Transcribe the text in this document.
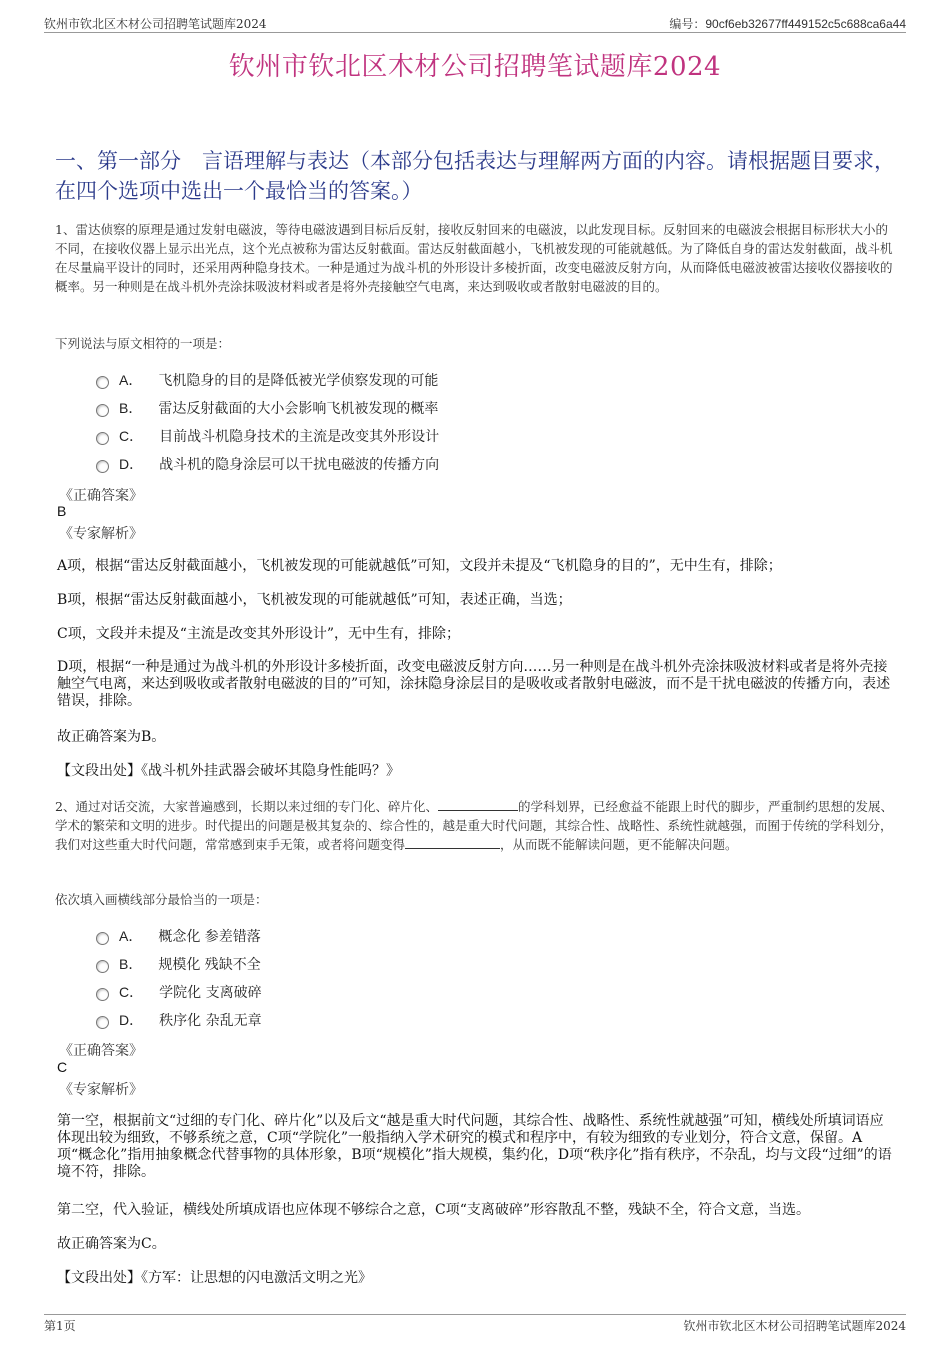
钦州市钦北区木材公司招聘笔试题库2024	编号：90cf6eb32677ff449152c5c688ca6a44
钦州市钦北区木材公司招聘笔试题库2024
一、第一部分　言语理解与表达（本部分包括表达与理解两方面的内容。请根据题目要求，在四个选项中选出一个最恰当的答案。）
1、雷达侦察的原理是通过发射电磁波，等待电磁波遇到目标后反射，接收反射回来的电磁波，以此发现目标。反射回来的电磁波会根据目标形状大小的不同，在接收仪器上显示出光点，这个光点被称为雷达反射截面。雷达反射截面越小，飞机被发现的可能就越低。为了降低自身的雷达发射截面，战斗机在尽量扁平设计的同时，还采用两种隐身技术。一种是通过为战斗机的外形设计多棱折面，改变电磁波反射方向，从而降低电磁波被雷达接收仪器接收的概率。另一种则是在战斗机外壳涂抹吸波材料或者是将外壳接触空气电离，来达到吸收或者散射电磁波的目的。
下列说法与原文相符的一项是：
A． 飞机隐身的目的是降低被光学侦察发现的可能
B． 雷达反射截面的大小会影响飞机被发现的概率
C． 目前战斗机隐身技术的主流是改变其外形设计
D． 战斗机的隐身涂层可以干扰电磁波的传播方向
《正确答案》
B
《专家解析》
A项，根据“雷达反射截面越小，飞机被发现的可能就越低”可知，文段并未提及“飞机隐身的目的”，无中生有，排除；
B项，根据“雷达反射截面越小，飞机被发现的可能就越低”可知，表述正确，当选；
C项，文段并未提及“主流是改变其外形设计”，无中生有，排除；
D项，根据“一种是通过为战斗机的外形设计多棱折面，改变电磁波反射方向……另一种则是在战斗机外壳涂抹吸波材料或者是将外壳接触空气电离，来达到吸收或者散射电磁波的目的”可知，涂抹隐身涂层目的是吸收或者散射电磁波，而不是干扰电磁波的传播方向，表述错误，排除。
故正确答案为B。
【文段出处】《战斗机外挂武器会破坏其隐身性能吗？》
2、通过对话交流，大家普遍感到，长期以来过细的专门化、碎片化、	的学科划界，已经愈益不能跟上时代的脚步，严重制约思想的发展、学术的繁荣和文明的进步。时代提出的问题是极其复杂的、综合性的，越是重大时代问题，其综合性、战略性、系统性就越强，而囿于传统的学科划分，我们对这些重大时代问题，常常感到束手无策，或者将问题变得	，从而既不能解读问题，更不能解决问题。
依次填入画横线部分最恰当的一项是：
A． 概念化 参差错落
B． 规模化 残缺不全
C． 学院化 支离破碎
D． 秩序化 杂乱无章
《正确答案》
C
《专家解析》
第一空，根据前文“过细的专门化、碎片化”以及后文“越是重大时代问题，其综合性、战略性、系统性就越强”可知，横线处所填词语应体现出较为细致，不够系统之意，C项“学院化”一般指纳入学术研究的模式和程序中，有较为细致的专业划分，符合文意，保留。A项“概念化”指用抽象概念代替事物的具体形象，B项“规模化”指大规模，集约化，D项“秩序化”指有秩序，不杂乱，均与文段“过细”的语境不符，排除。
第二空，代入验证，横线处所填成语也应体现不够综合之意，C项“支离破碎”形容散乱不整，残缺不全，符合文意，当选。
故正确答案为C。
【文段出处】《方军：让思想的闪电激活文明之光》
第1页	钦州市钦北区木材公司招聘笔试题库2024
